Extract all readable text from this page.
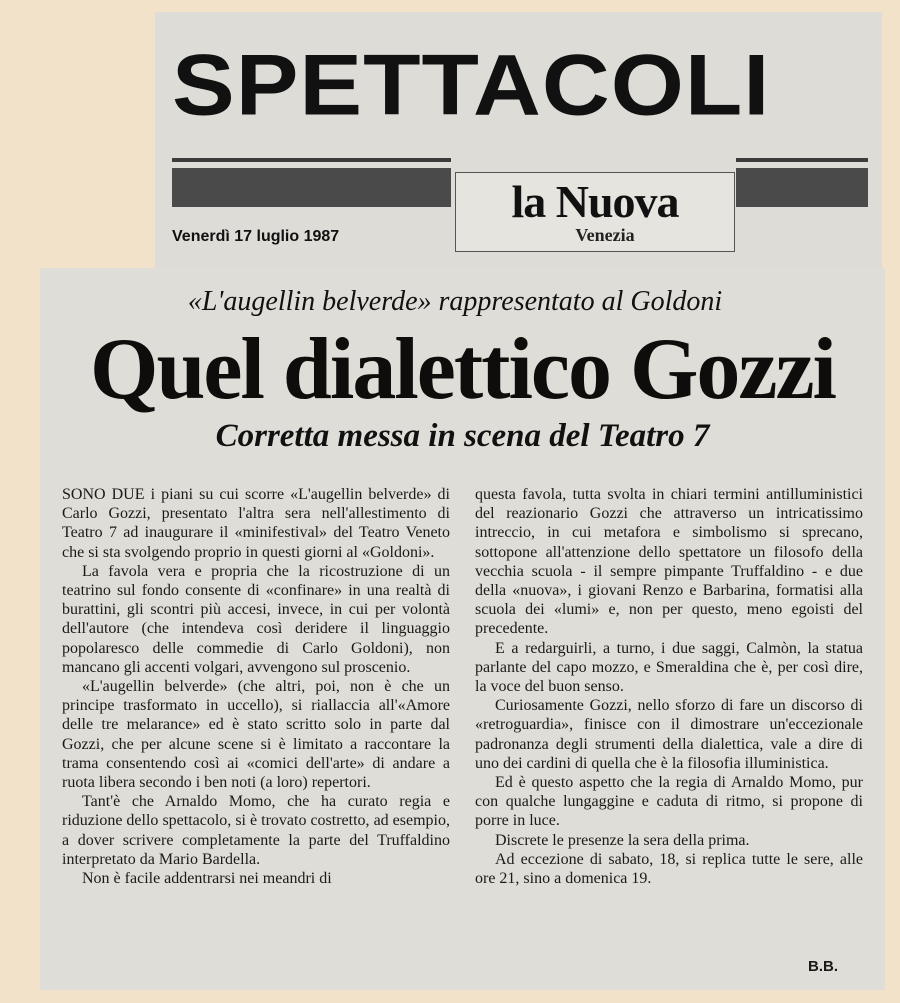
SPETTACOLI
la Nuova
Venezia
Venerdì 17 luglio 1987
«L'augellin belverde» rappresentato al Goldoni
Quel dialettico Gozzi
Corretta messa in scena del Teatro 7

SONO DUE i piani su cui scorre «L'augellin belverde» di Carlo Gozzi, presentato l'altra sera nell'allestimento di Teatro 7 ad inaugurare il «minifestival» del Teatro Veneto che si sta svolgendo proprio in questi giorni al «Goldoni».

La favola vera e propria che la ricostruzione di un teatrino sul fondo consente di «confinare» in una realtà di burattini, gli scontri più accesi, invece, in cui per volontà dell'autore (che intendeva così deridere il linguaggio popolaresco delle commedie di Carlo Goldoni), non mancano gli accenti volgari, avvengono sul proscenio.

«L'augellin belverde» (che altri, poi, non è che un principe trasformato in uccello), si riallaccia all'«Amore delle tre melarance» ed è stato scritto solo in parte dal Gozzi, che per alcune scene si è limitato a raccontare la trama consentendo così ai «comici dell'arte» di andare a ruota libera secondo i ben noti (a loro) repertori.

Tant'è che Arnaldo Momo, che ha curato regia e riduzione dello spettacolo, si è trovato costretto, ad esempio, a dover scrivere completamente la parte del Truffaldino interpretato da Mario Bardella.

Non è facile addentrarsi nei meandri di

questa favola, tutta svolta in chiari termini antilluministici del reazionario Gozzi che attraverso un intricatissimo intreccio, in cui metafora e simbolismo si sprecano, sottopone all'attenzione dello spettatore un filosofo della vecchia scuola - il sempre pimpante Truffaldino - e due della «nuova», i giovani Renzo e Barbarina, formatisi alla scuola dei «lumi» e, non per questo, meno egoisti del precedente.

E a redarguirli, a turno, i due saggi, Calmòn, la statua parlante del capo mozzo, e Smeraldina che è, per così dire, la voce del buon senso.

Curiosamente Gozzi, nello sforzo di fare un discorso di «retroguardia», finisce con il dimostrare un'eccezionale padronanza degli strumenti della dialettica, vale a dire di uno dei cardini di quella che è la filosofia illuministica.

Ed è questo aspetto che la regia di Arnaldo Momo, pur con qualche lungaggine e caduta di ritmo, si propone di porre in luce.

Discrete le presenze la sera della prima.

Ad eccezione di sabato, 18, si replica tutte le sere, alle ore 21, sino a domenica 19.

B.B.
